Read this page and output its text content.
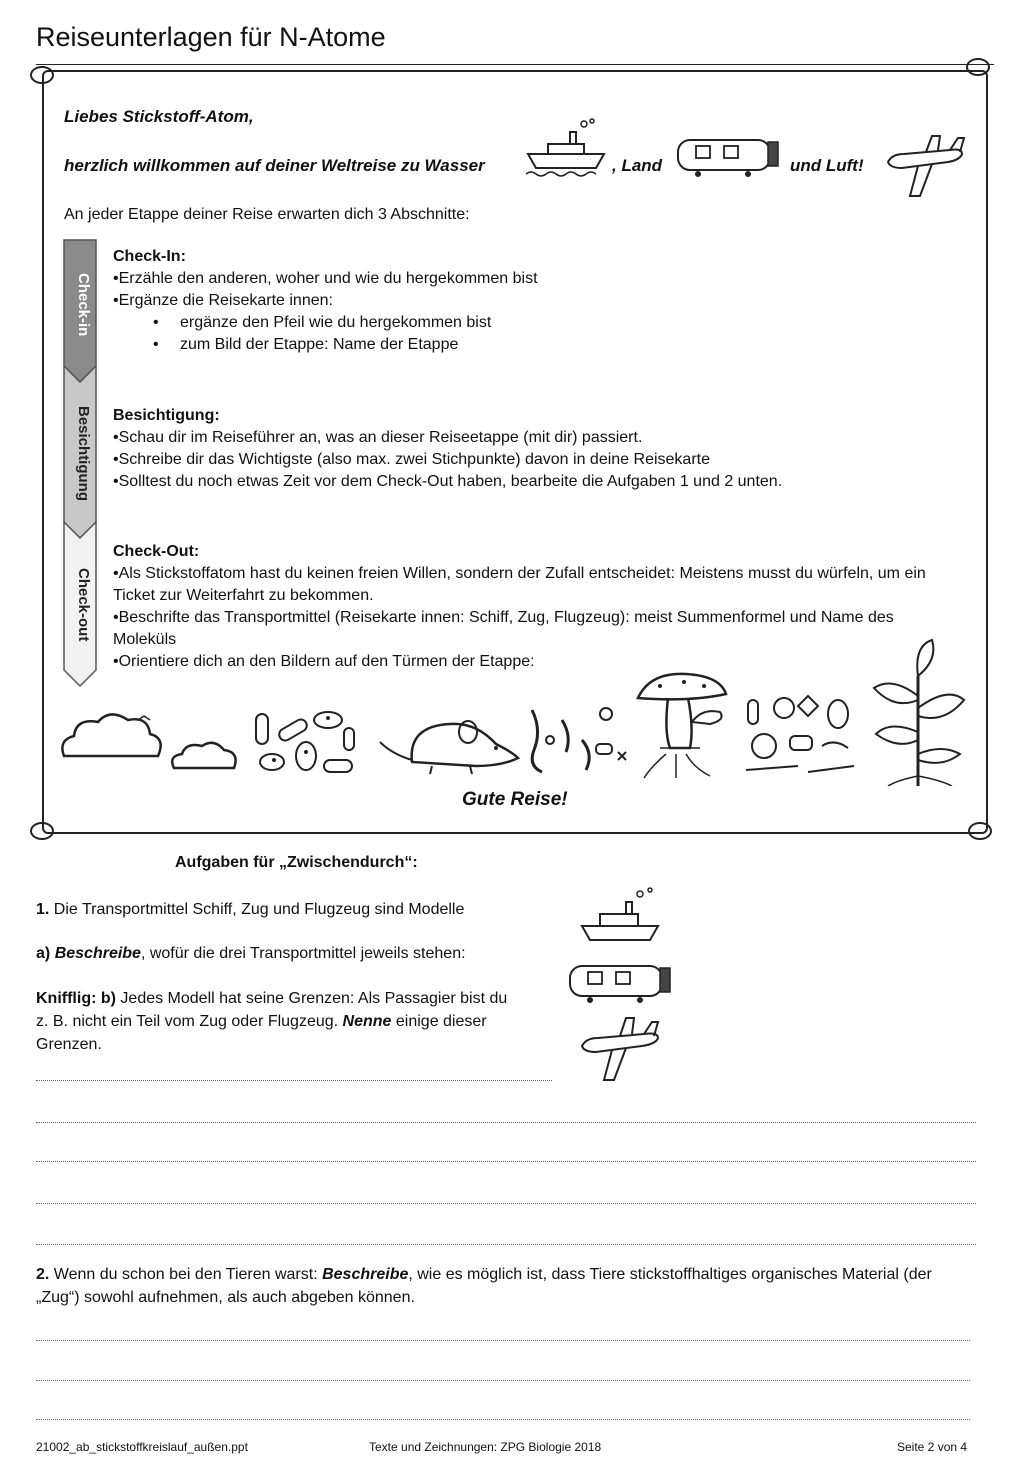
Reiseunterlagen für N-Atome
Liebes Stickstoff-Atom,
herzlich willkommen auf deiner Weltreise zu Wasser	, Land	und Luft!
An jeder Etappe deiner Reise erwarten dich 3 Abschnitte:
Check-in
Besichtigung
Check-out
Check-In:
•Erzähle den anderen, woher und wie du hergekommen bist
•Ergänze die Reisekarte innen:
• ergänze den Pfeil wie du hergekommen bist
• zum Bild der Etappe: Name der Etappe
Besichtigung:
•Schau dir im Reiseführer an, was an dieser Reiseetappe (mit dir) passiert.
•Schreibe dir das Wichtigste (also max. zwei Stichpunkte) davon in deine Reisekarte
•Solltest du noch etwas Zeit vor dem Check-Out haben, bearbeite die Aufgaben 1 und 2 unten.
Check-Out:
•Als Stickstoffatom hast du keinen freien Willen, sondern der Zufall entscheidet: Meistens musst du würfeln, um ein Ticket zur Weiterfahrt zu bekommen.
•Beschrifte das Transportmittel (Reisekarte innen: Schiff, Zug, Flugzeug): meist Summenformel und Name des Moleküls
•Orientiere dich an den Bildern auf den Türmen der Etappe:
Gute Reise!
Aufgaben für „Zwischendurch“:

1. Die Transportmittel Schiff, Zug und Flugzeug sind Modelle

a) Beschreibe, wofür die drei Transportmittel jeweils stehen:

Knifflig: b) Jedes Modell hat seine Grenzen: Als Passagier bist du z. B. nicht ein Teil vom Zug oder Flugzeug. Nenne einige dieser Grenzen.

2. Wenn du schon bei den Tieren warst: Beschreibe, wie es möglich ist, dass Tiere stickstoffhaltiges organisches Material (der „Zug“) sowohl aufnehmen, als auch abgeben können.

21002_ab_stickstoffkreislauf_außen.ppt	Texte und Zeichnungen: ZPG Biologie 2018	Seite 2 von 4
